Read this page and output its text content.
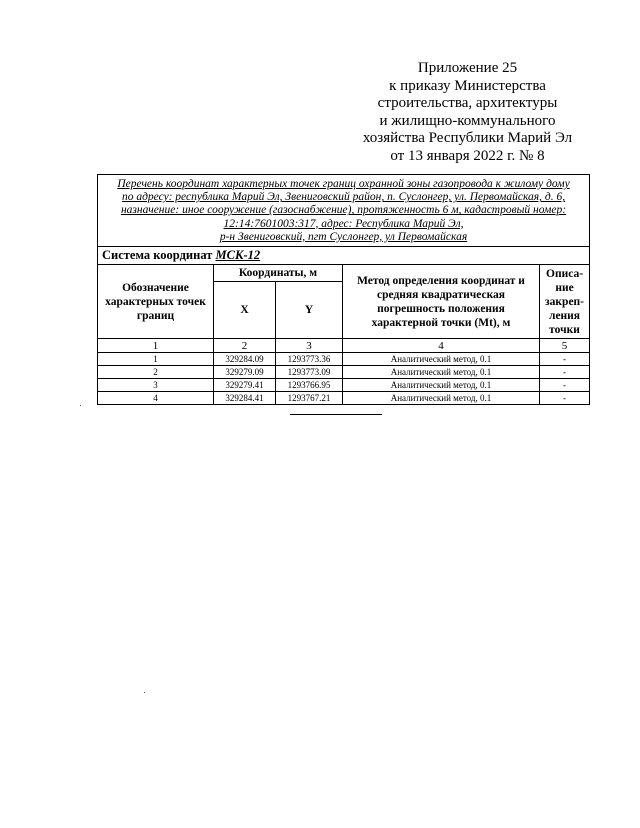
Приложение 25
к приказу Министерства
строительства, архитектуры
и жилищно-коммунального
хозяйства Республики Марий Эл
от 13 января 2022 г. № 8
Перечень координат характерных точек границ охранной зоны газопровода к жилому дому
по адресу: республика Марий Эл, Звениговский район, п. Суслонгер, ул. Первомайская, д. 6,
назначение: иное сооружение (газоснабжение), протяженность 6 м, кадастровый номер:
12:14:7601003:317, адрес: Республика Марий Эл,
р-н Звениговский, пгт Суслонгер, ул Первомайская				

Система координат МСК-12				
Обозначение характерных точек границ	Координаты, м		Метод определения координат и средняя квадратическая погрешность положения характерной точки (Mt), м	Описа-ние закреп-ления точки
	X	Y		
1	2	3	4	5
1	329284.09	1293773.36	Аналитический метод, 0.1	-
2	329279.09	1293773.09	Аналитический метод, 0.1	-
3	329279.41	1293766.95	Аналитический метод, 0.1	-
4	329284.41	1293767.21	Аналитический метод, 0.1	-
